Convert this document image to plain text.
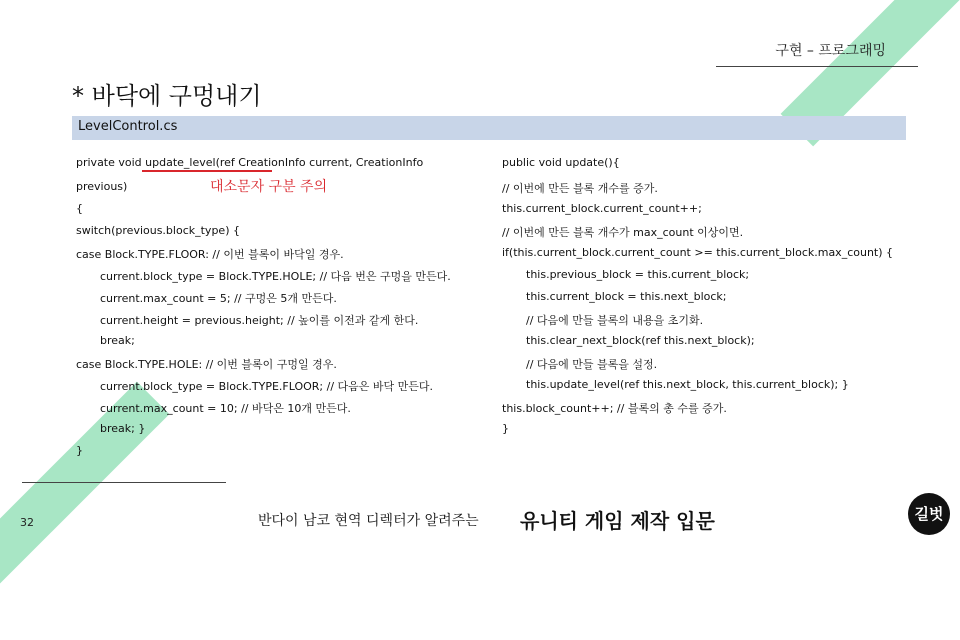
구현 – 프로그래밍
* 바닥에 구멍내기
LevelControl.cs
private void update_level(ref CreationInfo current, CreationInfo
previous)
{
switch(previous.block_type) {
case Block.TYPE.FLOOR: // 이번 블록이 바닥일 경우.
current.block_type = Block.TYPE.HOLE; // 다음 번은 구멍을 만든다.
current.max_count = 5; // 구멍은 5개 만든다.
current.height = previous.height; // 높이를 이전과 같게 한다.
break;
case Block.TYPE.HOLE: // 이번 블록이 구멍일 경우.
current.block_type = Block.TYPE.FLOOR; // 다음은 바닥 만든다.
current.max_count = 10; // 바닥은 10개 만든다.
break; }
}
대소문자 구분 주의
public void update(){
// 이번에 만든 블록 개수를 증가.
this.current_block.current_count++;
// 이번에 만든 블록 개수가 max_count 이상이면.
if(this.current_block.current_count >= this.current_block.max_count) {
this.previous_block = this.current_block;
this.current_block = this.next_block;
// 다음에 만들 블록의 내용을 초기화.
this.clear_next_block(ref this.next_block);
// 다음에 만들 블록을 설정.
this.update_level(ref this.next_block, this.current_block); }
this.block_count++; // 블록의 총 수를 증가.
}
32	반다이 남코 현역 디렉터가 알려주는 유니티 게임 제작 입문	길벗
